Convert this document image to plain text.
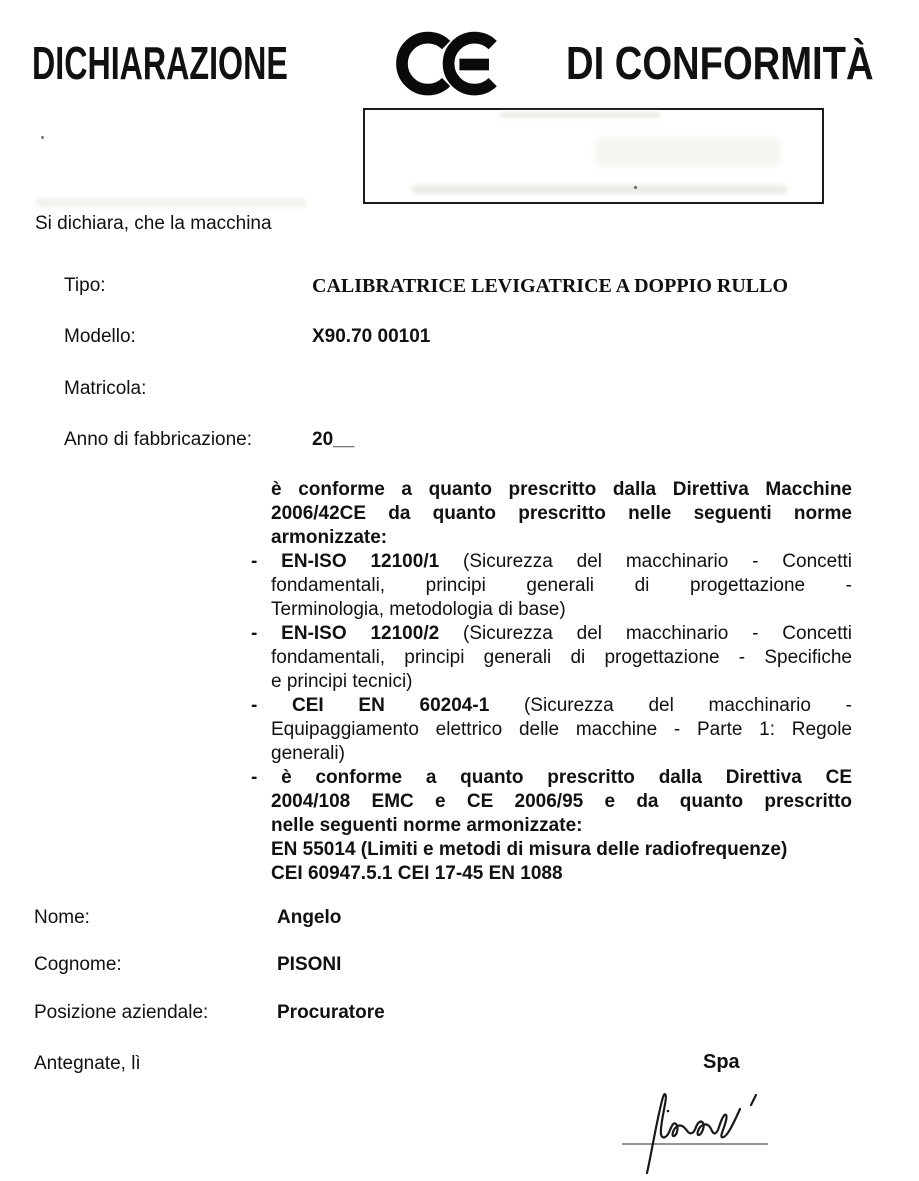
DICHIARAZIONE	DI CONFORMITÀ
Si dichiara, che la macchina
Tipo:	CALIBRATRICE LEVIGATRICE A DOPPIO RULLO
Modello:	X90.70 00101
Matricola:
Anno di fabbricazione:	20__
è conforme a quanto prescritto dalla Direttiva Macchine
2006/42CE da quanto prescritto nelle seguenti norme
armonizzate:
- EN-ISO 12100/1 (Sicurezza del macchinario - Concetti
fondamentali, principi generali di progettazione -
Terminologia, metodologia di base)
- EN-ISO 12100/2 (Sicurezza del macchinario - Concetti
fondamentali, principi generali di progettazione - Specifiche
e principi tecnici)
- CEI EN 60204-1 (Sicurezza del macchinario -
Equipaggiamento elettrico delle macchine - Parte 1: Regole
generali)
- è conforme a quanto prescritto dalla Direttiva CE
2004/108 EMC e CE 2006/95 e da quanto prescritto
nelle seguenti norme armonizzate:
EN 55014 (Limiti e metodi di misura delle radiofrequenze)
CEI 60947.5.1 CEI 17-45 EN 1088
Nome:	Angelo
Cognome:	PISONI
Posizione aziendale:	Procuratore
Antegnate, lì	Spa
